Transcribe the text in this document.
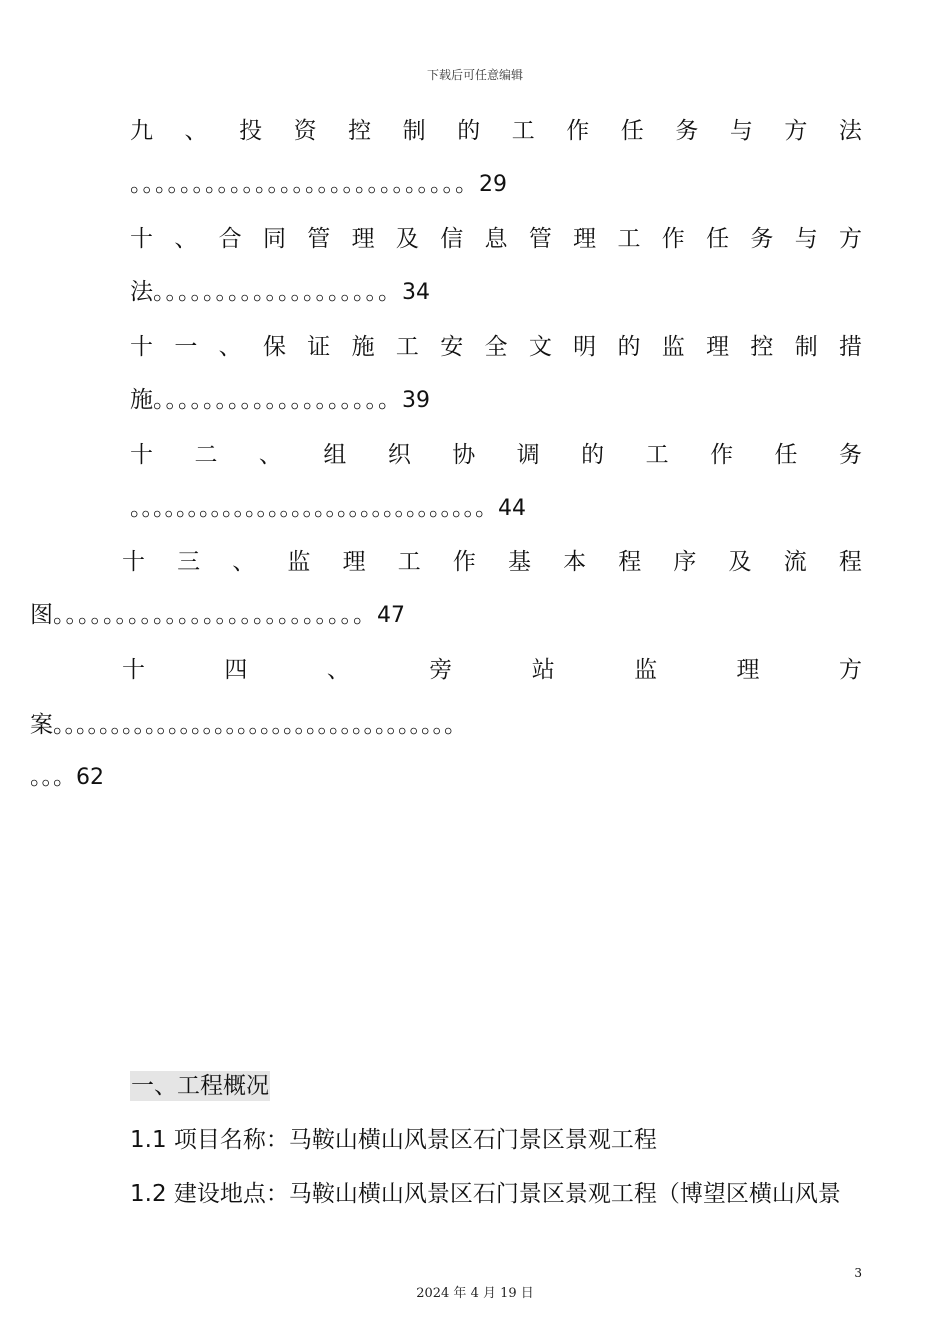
下载后可任意编辑
九 、 投 资 控 制 的 工 作 任 务 与 方 法
。。。。。。。。。。。。。。。。。。。。。。。。。。。29
十 、 合 同 管 理 及 信 息 管 理 工 作 任 务 与 方
法。。。。。。。。。。。。。。。。。。。34
十 一 、 保 证 施 工 安 全 文 明 的 监 理 控 制 措
施。。。。。。。。。。。。。。。。。。。39
十 二 、 组 织 协 调 的 工 作 任 务
。。。。。。。。。。。。。。。。。。。。。。。。。。。。。。。44
十 三 、 监 理 工 作 基 本 程 序 及 流 程
图。。。。。。。。。。。。。。。。。。。。。。。。。47
十	四	、	旁	站	监	理	方
案。。。。。。。。。。。。。。。。。。。。。。。。。。。。。。。。。。。
。。。62
一、工程概况
1.1 项目名称：马鞍山横山风景区石门景区景观工程
1.2 建设地点：马鞍山横山风景区石门景区景观工程（博望区横山风景
3
2024 年 4 月 19 日
